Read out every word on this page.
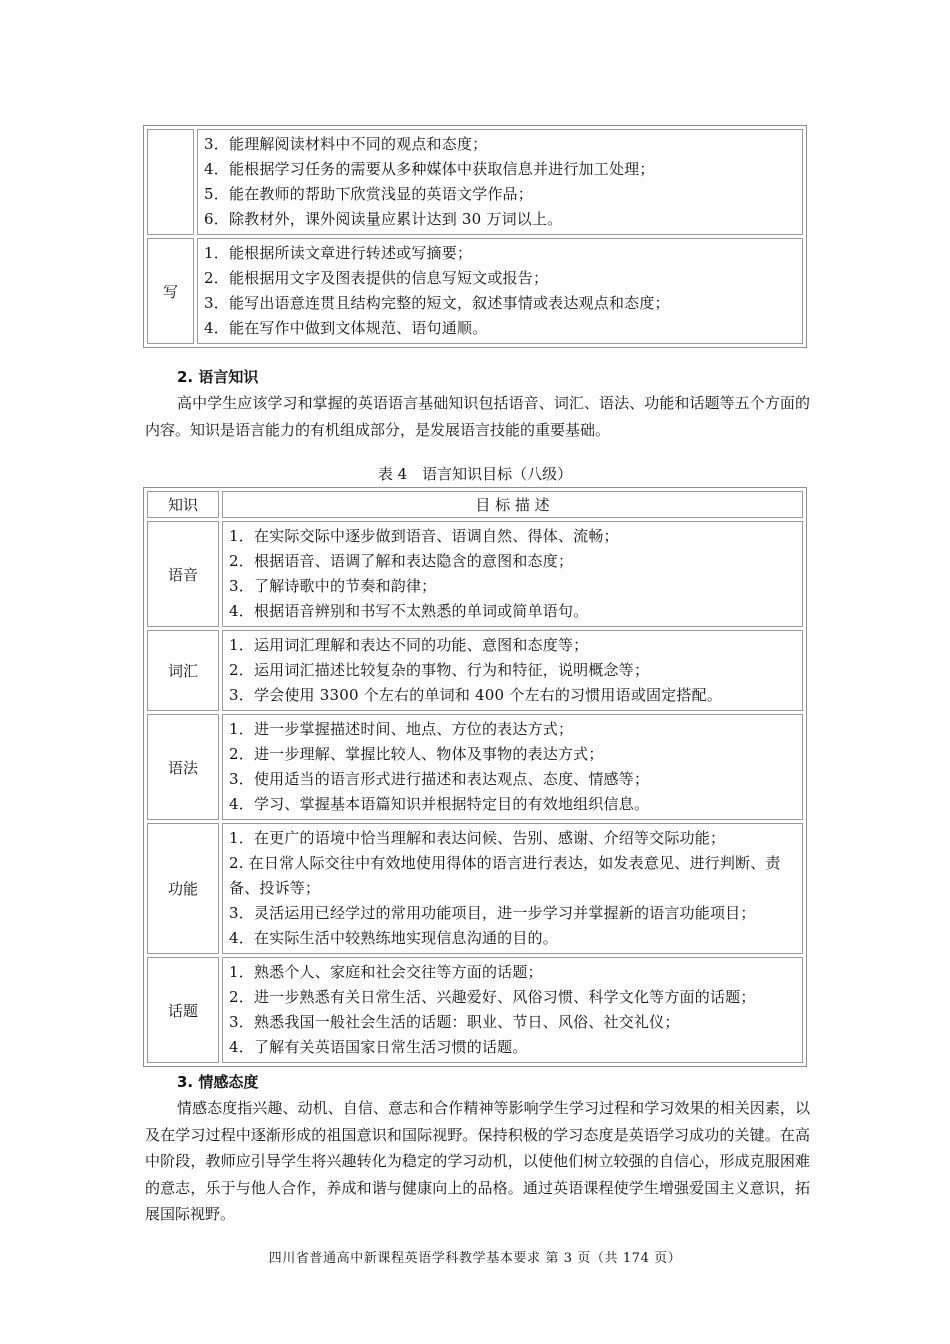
	3．能理解阅读材料中不同的观点和态度；
4．能根据学习任务的需要从多种媒体中获取信息并进行加工处理；
5．能在教师的帮助下欣赏浅显的英语文学作品；
6．除教材外，课外阅读量应累计达到 30 万词以上。

写	1．能根据所读文章进行转述或写摘要；
2．能根据用文字及图表提供的信息写短文或报告；
3．能写出语意连贯且结构完整的短文，叙述事情或表达观点和态度；
4．能在写作中做到文体规范、语句通顺。
2. 语言知识
高中学生应该学习和掌握的英语语言基础知识包括语音、词汇、语法、功能和话题等五个方面的内容。知识是语言能力的有机组成部分，是发展语言技能的重要基础。
表 4　语言知识目标（八级）
知识	目 标 描 述
语音	1．在实际交际中逐步做到语音、语调自然、得体、流畅；
2．根据语音、语调了解和表达隐含的意图和态度；
3．了解诗歌中的节奏和韵律；
4．根据语音辨别和书写不太熟悉的单词或简单语句。

词汇	1．运用词汇理解和表达不同的功能、意图和态度等；
2．运用词汇描述比较复杂的事物、行为和特征，说明概念等；
3．学会使用 3300 个左右的单词和 400 个左右的习惯用语或固定搭配。

语法	1．进一步掌握描述时间、地点、方位的表达方式；
2．进一步理解、掌握比较人、物体及事物的表达方式；
3．使用适当的语言形式进行描述和表达观点、态度、情感等；
4．学习、掌握基本语篇知识并根据特定目的有效地组织信息。

功能	1．在更广的语境中恰当理解和表达问候、告别、感谢、介绍等交际功能；
2. 在日常人际交往中有效地使用得体的语言进行表达，如发表意见、进行判断、责备、投诉等；
3．灵活运用已经学过的常用功能项目，进一步学习并掌握新的语言功能项目；
4．在实际生活中较熟练地实现信息沟通的目的。

话题	1．熟悉个人、家庭和社会交往等方面的话题；
2．进一步熟悉有关日常生活、兴趣爱好、风俗习惯、科学文化等方面的话题；
3．熟悉我国一般社会生活的话题：职业、节日、风俗、社交礼仪；
4．了解有关英语国家日常生活习惯的话题。
3. 情感态度
情感态度指兴趣、动机、自信、意志和合作精神等影响学生学习过程和学习效果的相关因素，以及在学习过程中逐渐形成的祖国意识和国际视野。保持积极的学习态度是英语学习成功的关键。在高中阶段，教师应引导学生将兴趣转化为稳定的学习动机，以使他们树立较强的自信心，形成克服困难的意志，乐于与他人合作，养成和谐与健康向上的品格。通过英语课程使学生增强爱国主义意识，拓展国际视野。
四川省普通高中新课程英语学科教学基本要求 第 3 页（共 174 页）
